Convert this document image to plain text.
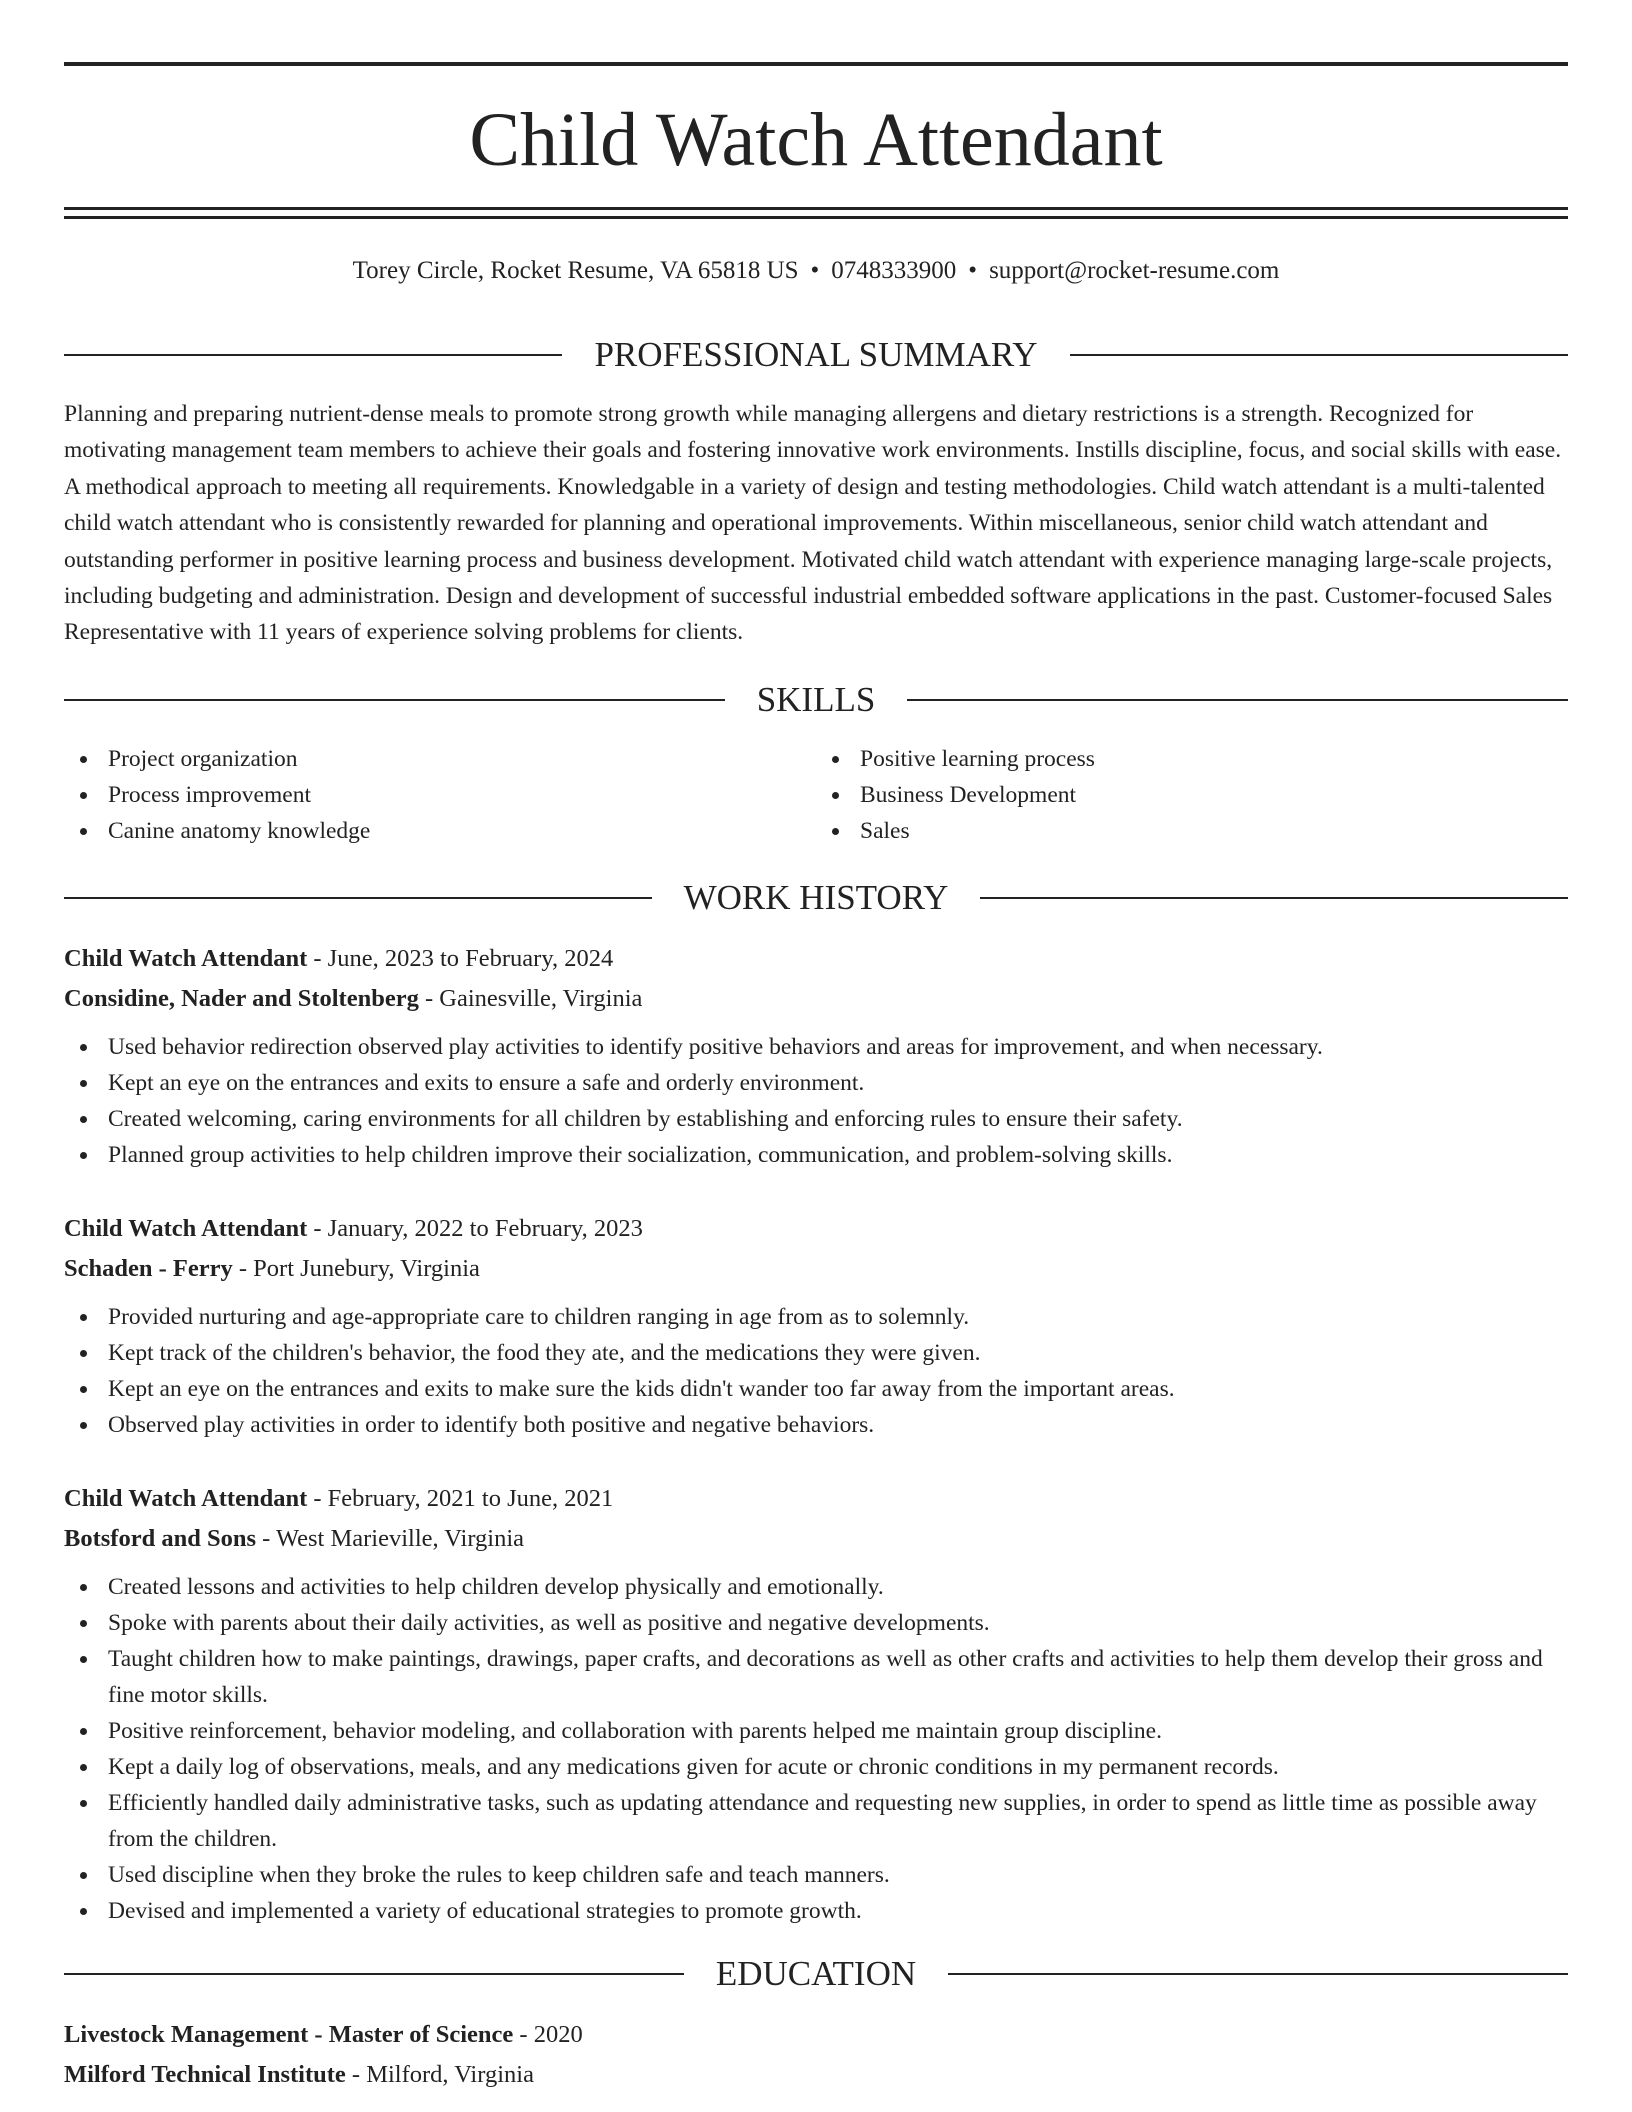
Child Watch Attendant
Torey Circle, Rocket Resume, VA 65818 US • 0748333900 • support@rocket-resume.com
PROFESSIONAL SUMMARY

Planning and preparing nutrient-dense meals to promote strong growth while managing allergens and dietary restrictions is a strength. Recognized for motivating management team members to achieve their goals and fostering innovative work environments. Instills discipline, focus, and social skills with ease. A methodical approach to meeting all requirements. Knowledgable in a variety of design and testing methodologies. Child watch attendant is a multi-talented child watch attendant who is consistently rewarded for planning and operational improvements. Within miscellaneous, senior child watch attendant and outstanding performer in positive learning process and business development. Motivated child watch attendant with experience managing large-scale projects, including budgeting and administration. Design and development of successful industrial embedded software applications in the past. Customer-focused Sales Representative with 11 years of experience solving problems for clients.

SKILLS
Project organization
Process improvement
Canine anatomy knowledge
Positive learning process
Business Development
Sales
WORK HISTORY
Child Watch Attendant - June, 2023 to February, 2024
Considine, Nader and Stoltenberg - Gainesville, Virginia
Used behavior redirection observed play activities to identify positive behaviors and areas for improvement, and when necessary.
Kept an eye on the entrances and exits to ensure a safe and orderly environment.
Created welcoming, caring environments for all children by establishing and enforcing rules to ensure their safety.
Planned group activities to help children improve their socialization, communication, and problem-solving skills.
Child Watch Attendant - January, 2022 to February, 2023
Schaden - Ferry - Port Junebury, Virginia
Provided nurturing and age-appropriate care to children ranging in age from as to solemnly.
Kept track of the children's behavior, the food they ate, and the medications they were given.
Kept an eye on the entrances and exits to make sure the kids didn't wander too far away from the important areas.
Observed play activities in order to identify both positive and negative behaviors.
Child Watch Attendant - February, 2021 to June, 2021
Botsford and Sons - West Marieville, Virginia
Created lessons and activities to help children develop physically and emotionally.
Spoke with parents about their daily activities, as well as positive and negative developments.
Taught children how to make paintings, drawings, paper crafts, and decorations as well as other crafts and activities to help them develop their gross and fine motor skills.
Positive reinforcement, behavior modeling, and collaboration with parents helped me maintain group discipline.
Kept a daily log of observations, meals, and any medications given for acute or chronic conditions in my permanent records.
Efficiently handled daily administrative tasks, such as updating attendance and requesting new supplies, in order to spend as little time as possible away from the children.
Used discipline when they broke the rules to keep children safe and teach manners.
Devised and implemented a variety of educational strategies to promote growth.
EDUCATION
Livestock Management - Master of Science - 2020
Milford Technical Institute - Milford, Virginia
